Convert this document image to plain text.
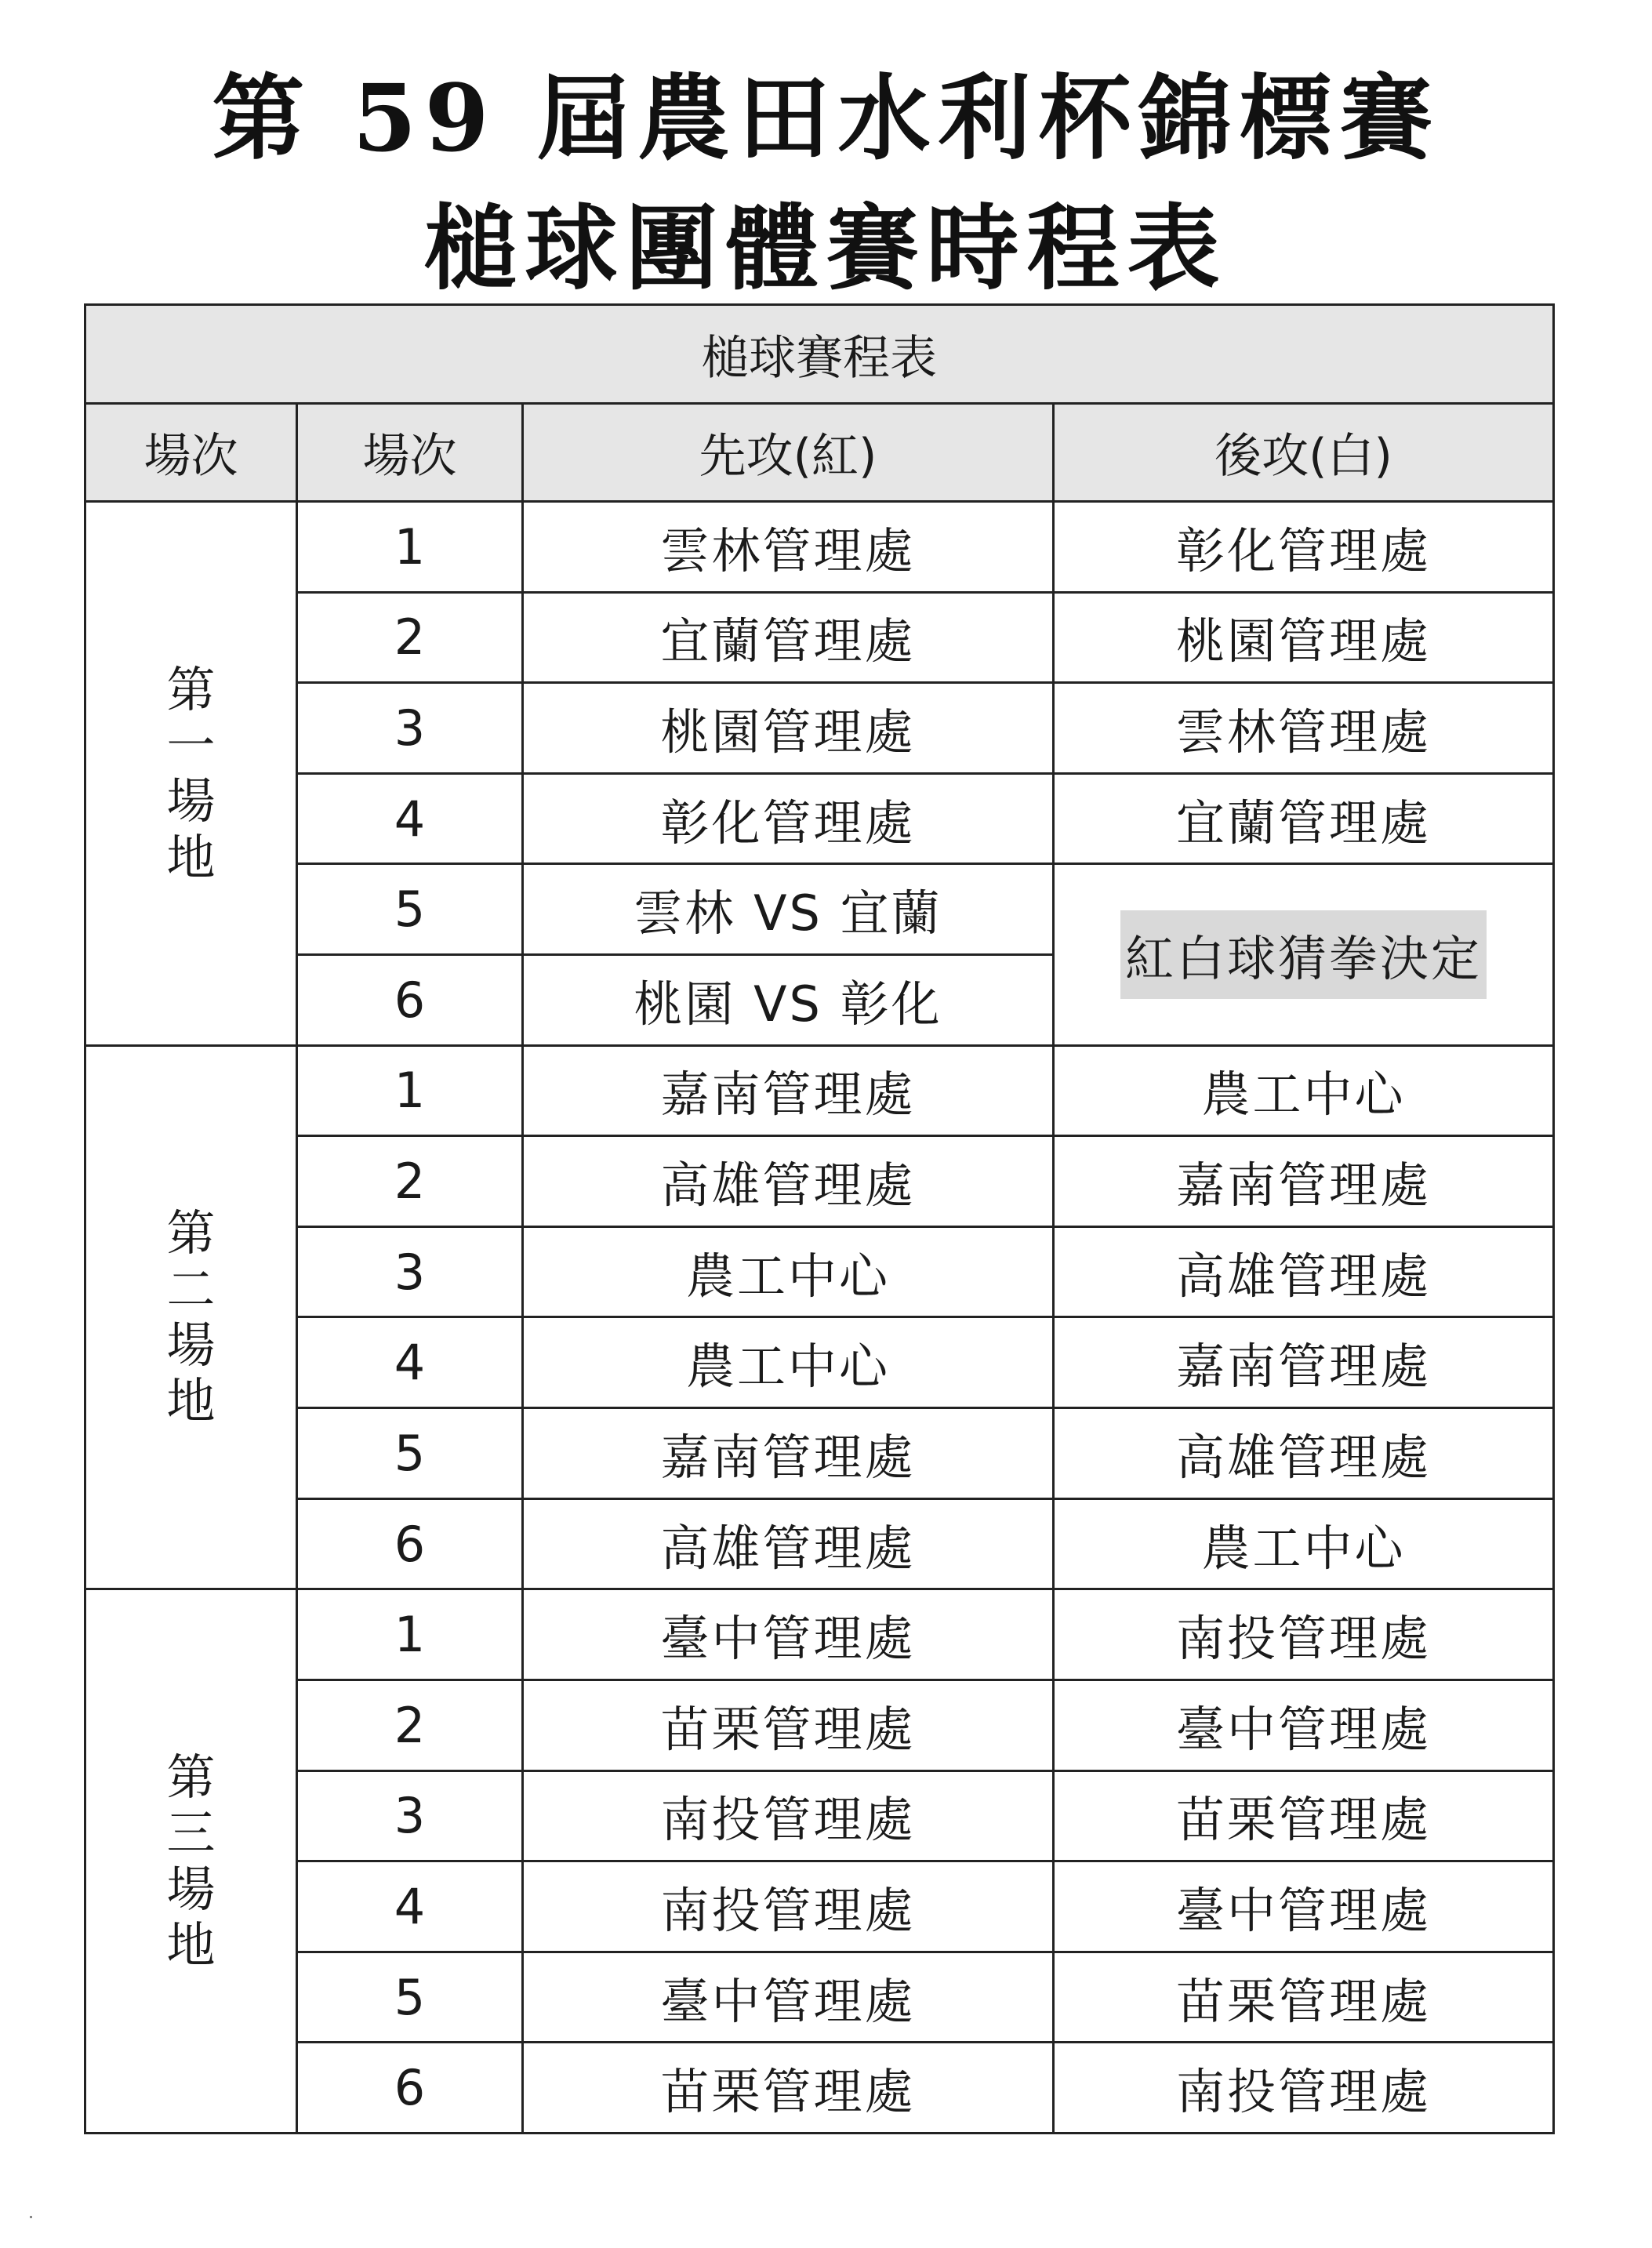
第 59 屆農田水利杯錦標賽
槌球團體賽時程表
槌球賽程表			
場次	場次	先攻(紅)	後攻(白)

第
一
場
地	1	雲林管理處	彰化管理處
	2	宜蘭管理處	桃園管理處
	3	桃園管理處	雲林管理處
	4	彰化管理處	宜蘭管理處
	5	雲林 VS 宜蘭	紅白球猜拳決定
	6	桃園 VS 彰化	

第
二
場
地	1	嘉南管理處	農工中心
	2	高雄管理處	嘉南管理處
	3	農工中心	高雄管理處
	4	農工中心	嘉南管理處
	5	嘉南管理處	高雄管理處
	6	高雄管理處	農工中心

第
三
場
地	1	臺中管理處	南投管理處
	2	苗栗管理處	臺中管理處
	3	南投管理處	苗栗管理處
	4	南投管理處	臺中管理處
	5	臺中管理處	苗栗管理處
	6	苗栗管理處	南投管理處
